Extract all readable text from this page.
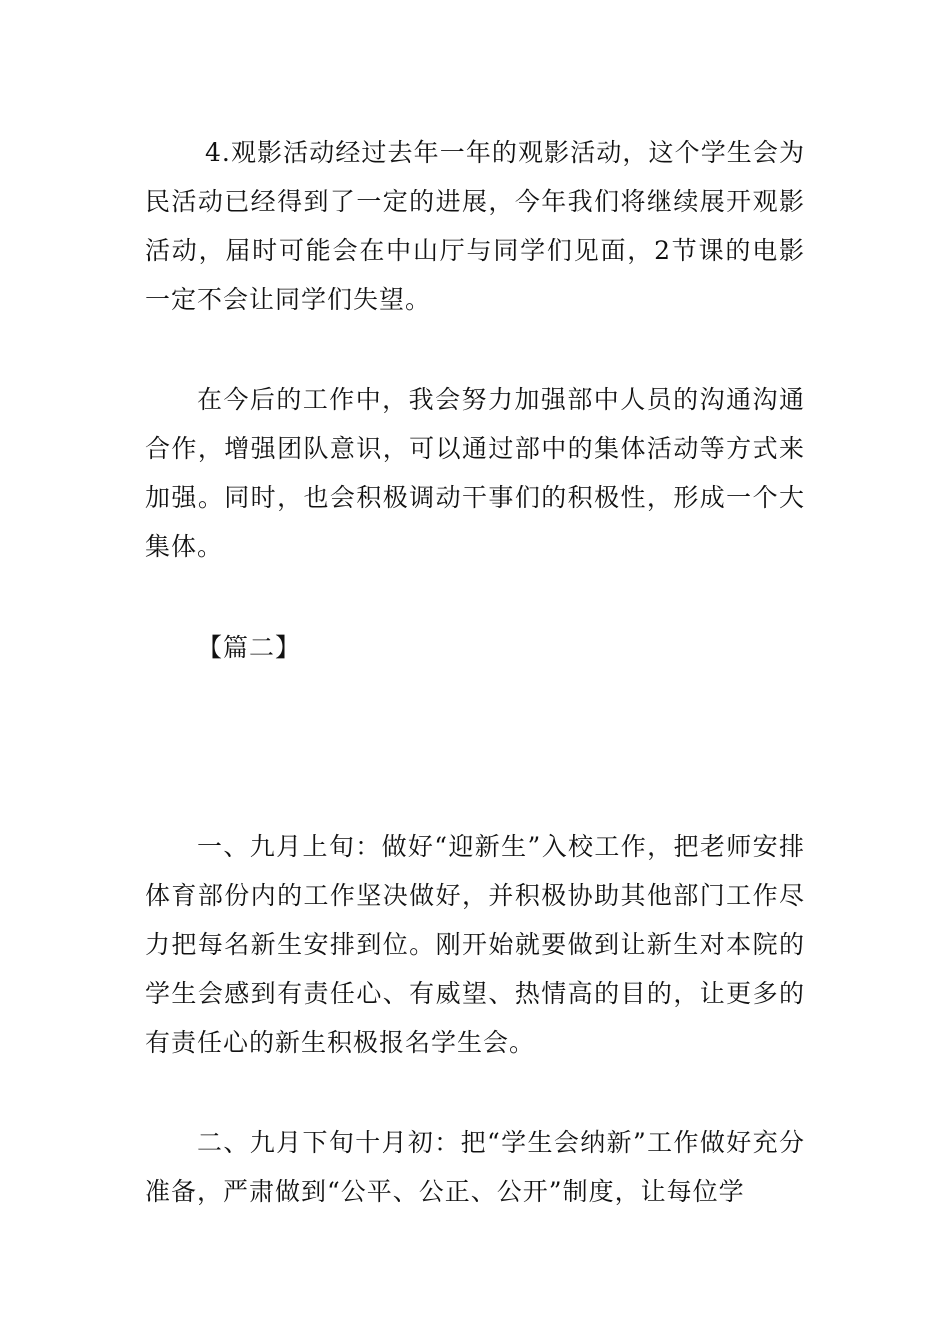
4.观影活动经过去年一年的观影活动，这个学生会为民活动已经得到了一定的进展，今年我们将继续展开观影活动，届时可能会在中山厅与同学们见面，2节课的电影一定不会让同学们失望。

在今后的工作中，我会努力加强部中人员的沟通沟通合作，增强团队意识，可以通过部中的集体活动等方式来加强。同时，也会积极调动干事们的积极性，形成一个大集体。

【篇二】

一、九月上旬：做好“迎新生”入校工作，把老师安排体育部份内的工作坚决做好，并积极协助其他部门工作尽力把每名新生安排到位。刚开始就要做到让新生对本院的学生会感到有责任心、有威望、热情高的目的，让更多的有责任心的新生积极报名学生会。

二、九月下旬十月初：把“学生会纳新”工作做好充分准备，严肃做到“公平、公正、公开”制度，让每位学
